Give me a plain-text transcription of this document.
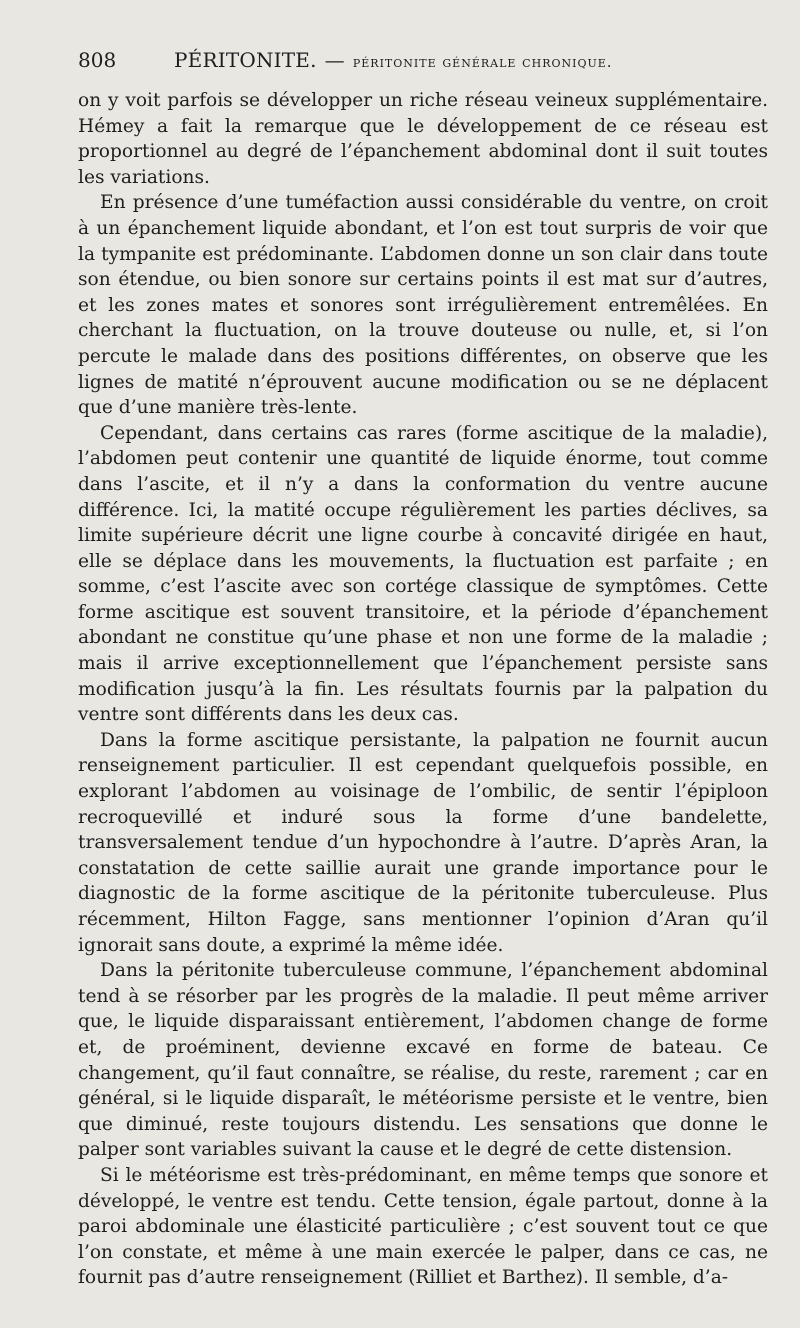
808	PÉRITONITE. — péritonite générale chronique.

on y voit parfois se développer un riche réseau veineux supplémentaire. Hémey a fait la remarque que le développement de ce réseau est proportionnel au degré de l’épanchement abdominal dont il suit toutes les variations.

En présence d’une tuméfaction aussi considérable du ventre, on croit à un épanchement liquide abondant, et l’on est tout surpris de voir que la tympanite est prédominante. L’abdomen donne un son clair dans toute son étendue, ou bien sonore sur certains points il est mat sur d’autres, et les zones mates et sonores sont irrégulièrement entremêlées. En cherchant la fluctuation, on la trouve douteuse ou nulle, et, si l’on percute le malade dans des positions différentes, on observe que les lignes de matité n’éprouvent aucune modification ou se ne déplacent que d’une manière très-lente.

Cependant, dans certains cas rares (forme ascitique de la maladie), l’abdomen peut contenir une quantité de liquide énorme, tout comme dans l’ascite, et il n’y a dans la conformation du ventre aucune différence. Ici, la matité occupe régulièrement les parties déclives, sa limite supérieure décrit une ligne courbe à concavité dirigée en haut, elle se déplace dans les mouvements, la fluctuation est parfaite ; en somme, c’est l’ascite avec son cortége classique de symptômes. Cette forme ascitique est souvent transitoire, et la période d’épanchement abondant ne constitue qu’une phase et non une forme de la maladie ; mais il arrive exceptionnellement que l’épanchement persiste sans modification jusqu’à la fin. Les résultats fournis par la palpation du ventre sont différents dans les deux cas.

Dans la forme ascitique persistante, la palpation ne fournit aucun renseignement particulier. Il est cependant quelquefois possible, en explorant l’abdomen au voisinage de l’ombilic, de sentir l’épiploon recroquevillé et induré sous la forme d’une bandelette, transversalement tendue d’un hypochondre à l’autre. D’après Aran, la constatation de cette saillie aurait une grande importance pour le diagnostic de la forme ascitique de la péritonite tuberculeuse. Plus récemment, Hilton Fagge, sans mentionner l’opinion d’Aran qu’il ignorait sans doute, a exprimé la même idée.

Dans la péritonite tuberculeuse commune, l’épanchement abdominal tend à se résorber par les progrès de la maladie. Il peut même arriver que, le liquide disparaissant entièrement, l’abdomen change de forme et, de proéminent, devienne excavé en forme de bateau. Ce changement, qu’il faut connaître, se réalise, du reste, rarement ; car en général, si le liquide disparaît, le météorisme persiste et le ventre, bien que diminué, reste toujours distendu. Les sensations que donne le palper sont variables suivant la cause et le degré de cette distension.

Si le météorisme est très-prédominant, en même temps que sonore et développé, le ventre est tendu. Cette tension, égale partout, donne à la paroi abdominale une élasticité particulière ; c’est souvent tout ce que l’on constate, et même à une main exercée le palper, dans ce cas, ne fournit pas d’autre renseignement (Rilliet et Barthez). Il semble, d’a-
